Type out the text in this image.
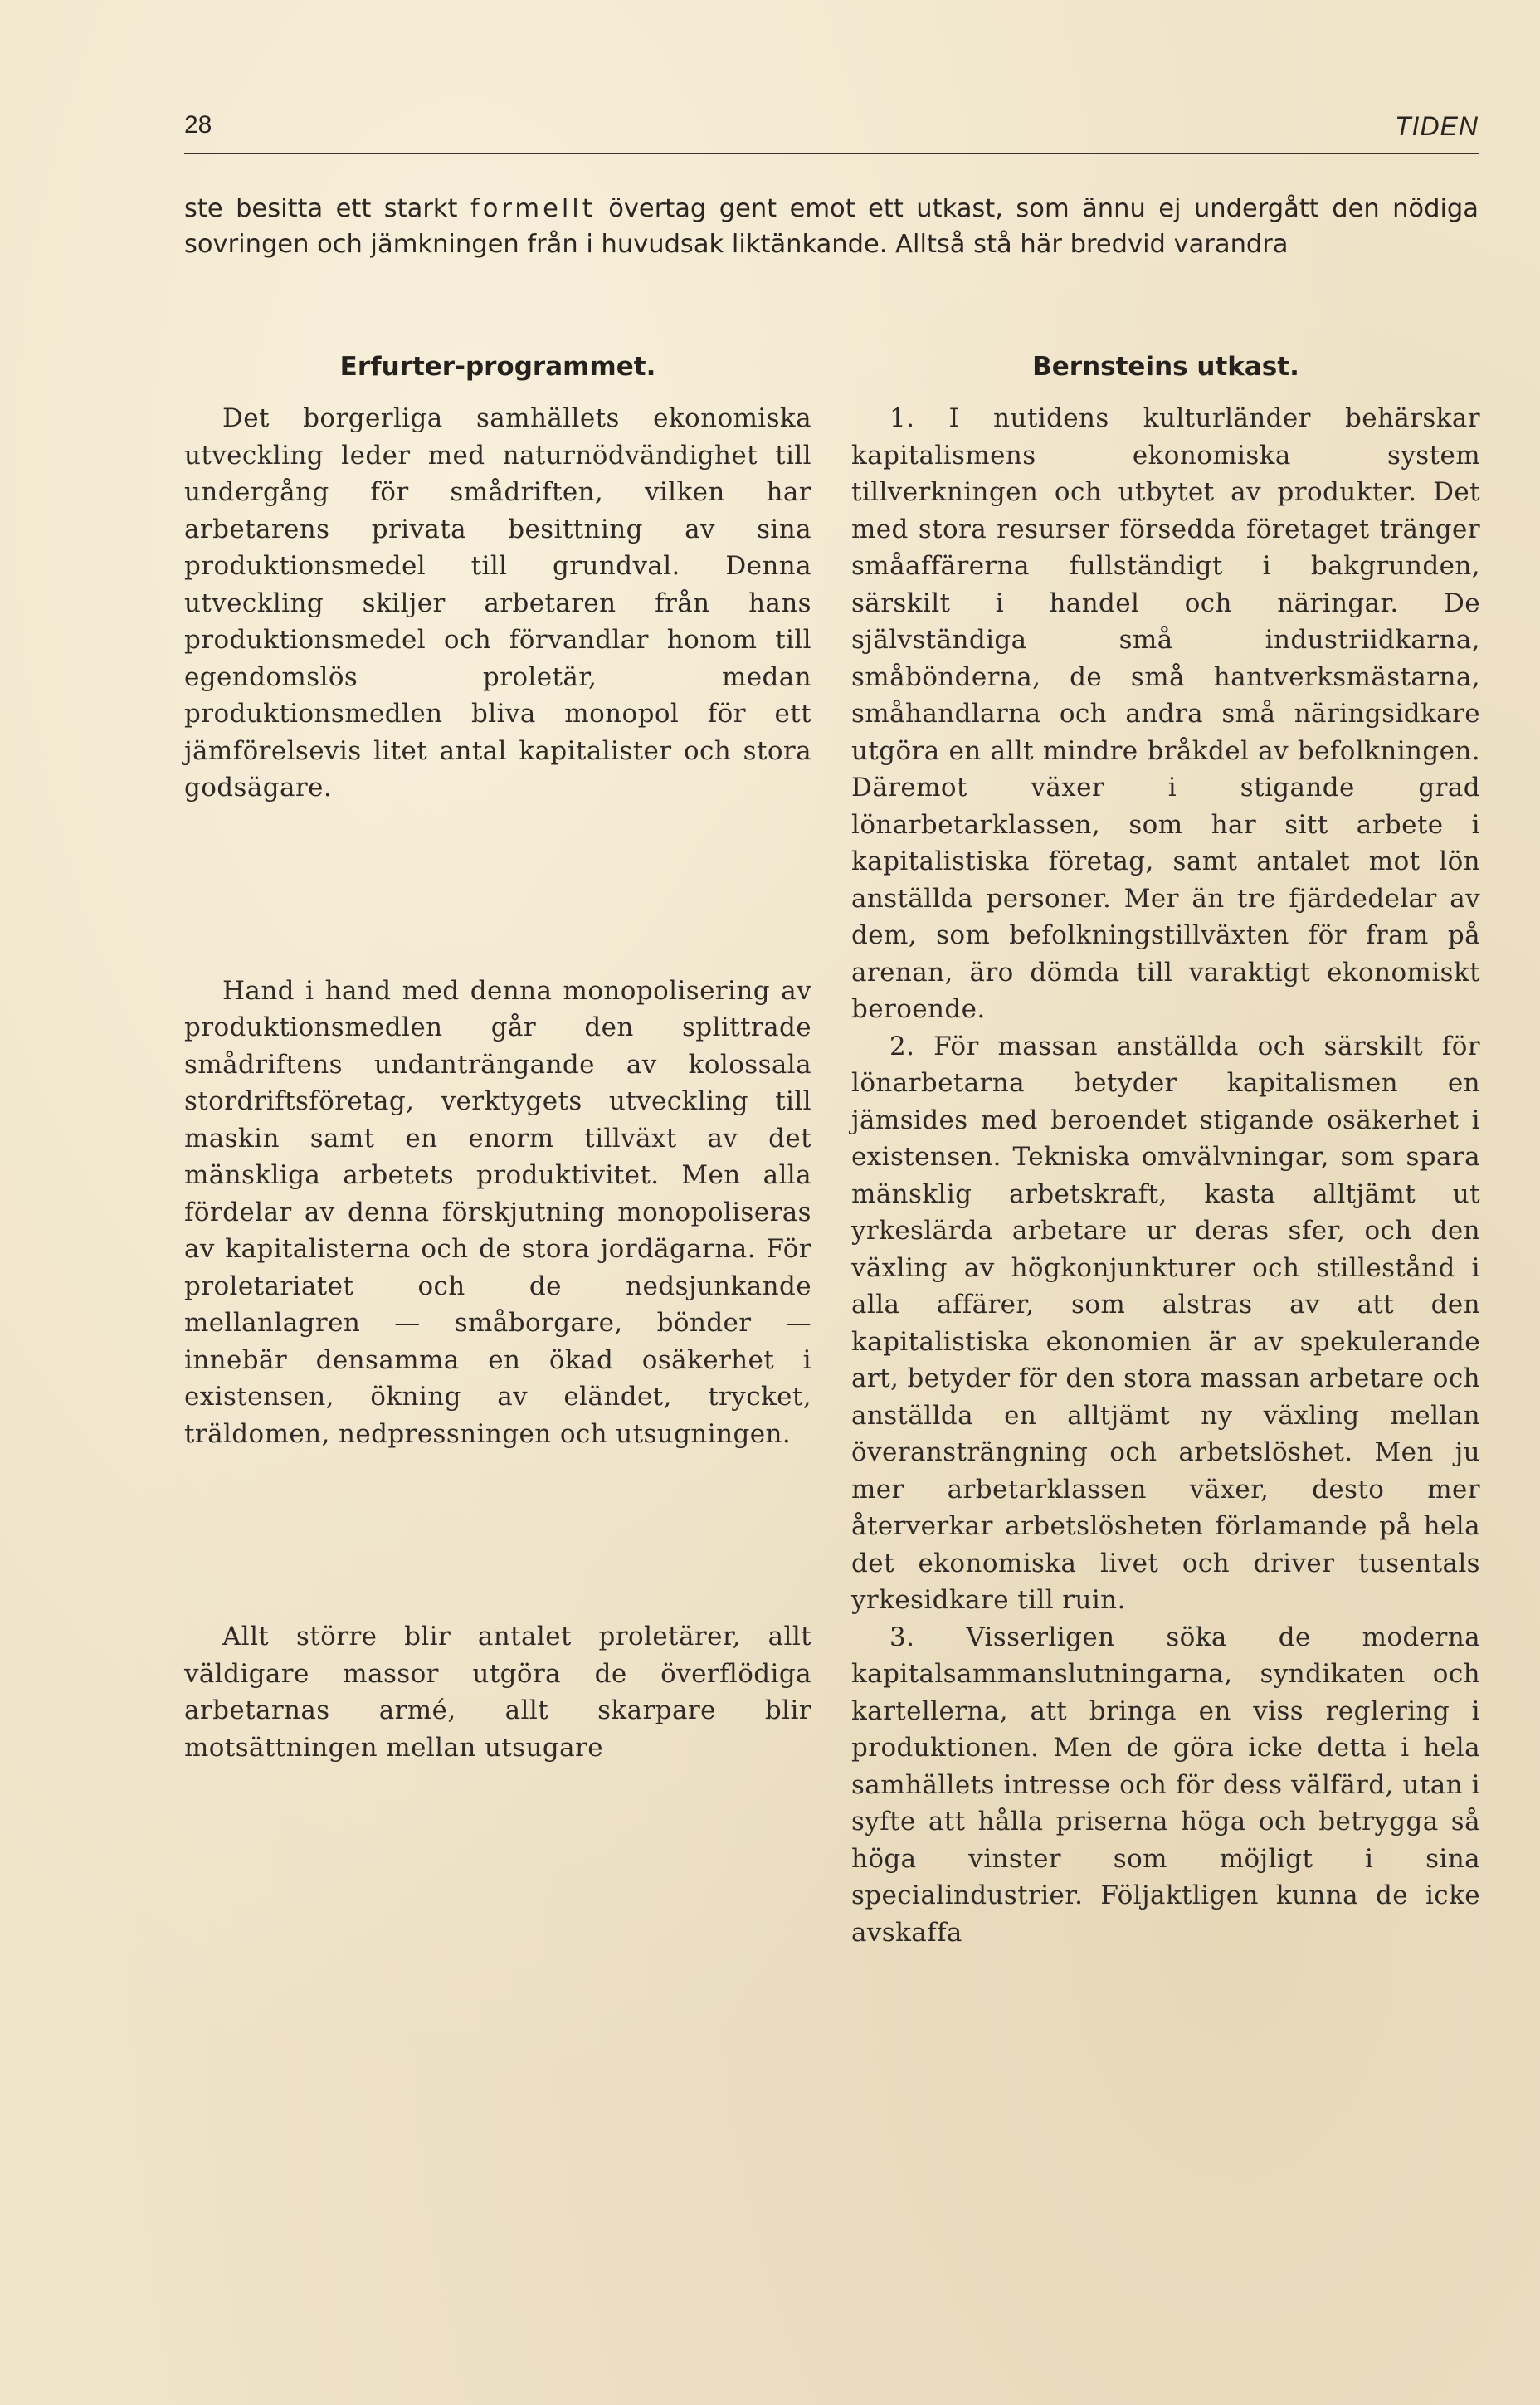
28	TIDEN
ste besitta ett starkt formellt övertag gent emot ett utkast, som ännu ej undergått den nödiga sovringen och jämkningen från i huvudsak liktänkande. Alltså stå här bredvid varandra
Erfurter-programmet.

Det borgerliga samhällets ekonomiska utveckling leder med naturnödvändighet till undergång för smådriften, vilken har arbetarens privata besittning av sina produktionsmedel till grundval. Denna utveckling skiljer arbetaren från hans produktionsmedel och förvandlar honom till egendomslös proletär, medan produktionsmedlen bliva monopol för ett jämförelsevis litet antal kapitalister och stora godsägare.

Hand i hand med denna monopolisering av produktionsmedlen går den splittrade smådriftens undanträngande av kolossala stordriftsföretag, verktygets utveckling till maskin samt en enorm tillväxt av det mänskliga arbetets produktivitet. Men alla fördelar av denna förskjutning monopoliseras av kapitalisterna och de stora jordägarna. För proletariatet och de nedsjunkande mellanlagren — småborgare, bönder — innebär densamma en ökad osäkerhet i existensen, ökning av eländet, trycket, träldomen, nedpressningen och utsugningen.

Allt större blir antalet proletärer, allt väldigare massor utgöra de överflödiga arbetarnas armé, allt skarpare blir motsättningen mellan utsugare

Bernsteins utkast.

1. I nutidens kulturländer behärskar kapitalismens ekonomiska system tillverkningen och utbytet av produkter. Det med stora resurser försedda företaget tränger småaffärerna fullständigt i bakgrunden, särskilt i handel och näringar. De självständiga små industriidkarna, småbönderna, de små hantverksmästarna, småhandlarna och andra små näringsidkare utgöra en allt mindre bråkdel av befolkningen. Däremot växer i stigande grad lönarbetarklassen, som har sitt arbete i kapitalistiska företag, samt antalet mot lön anställda personer. Mer än tre fjärdedelar av dem, som befolkningstillväxten för fram på arenan, äro dömda till varaktigt ekonomiskt beroende.

2. För massan anställda och särskilt för lönarbetarna betyder kapitalismen en jämsides med beroendet stigande osäkerhet i existensen. Tekniska omvälvningar, som spara mänsklig arbetskraft, kasta alltjämt ut yrkeslärda arbetare ur deras sfer, och den växling av högkonjunkturer och stillestånd i alla affärer, som alstras av att den kapitalistiska ekonomien är av spekulerande art, betyder för den stora massan arbetare och anställda en alltjämt ny växling mellan överansträngning och arbetslöshet. Men ju mer arbetarklassen växer, desto mer återverkar arbetslösheten förlamande på hela det ekonomiska livet och driver tusentals yrkesidkare till ruin.

3. Visserligen söka de moderna kapitalsammanslutningarna, syndikaten och kartellerna, att bringa en viss reglering i produktionen. Men de göra icke detta i hela samhällets intresse och för dess välfärd, utan i syfte att hålla priserna höga och betrygga så höga vinster som möjligt i sina specialindustrier. Följaktligen kunna de icke avskaffa
